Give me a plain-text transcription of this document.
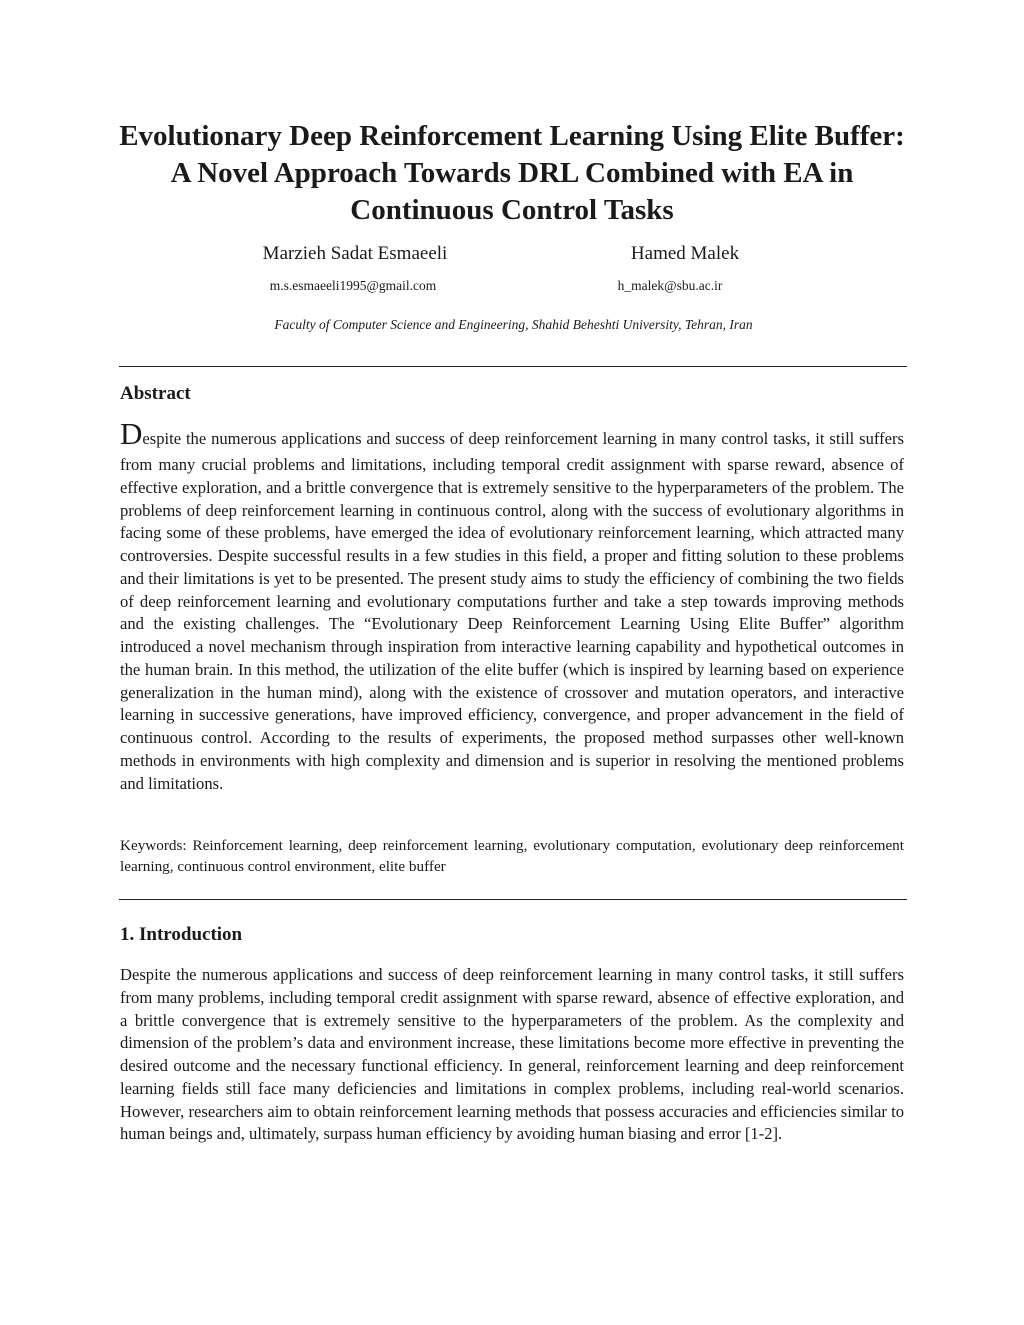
Evolutionary Deep Reinforcement Learning Using Elite Buffer:
A Novel Approach Towards DRL Combined with EA in
Continuous Control Tasks
Marzieh Sadat Esmaeeli	Hamed Malek
m.s.esmaeeli1995@gmail.com	h_malek@sbu.ac.ir
Faculty of Computer Science and Engineering, Shahid Beheshti University, Tehran, Iran
Abstract

Despite the numerous applications and success of deep reinforcement learning in many control tasks, it still suffers from many crucial problems and limitations, including temporal credit assignment with sparse reward, absence of effective exploration, and a brittle convergence that is extremely sensitive to the hyperparameters of the problem. The problems of deep reinforcement learning in continuous control, along with the success of evolutionary algorithms in facing some of these problems, have emerged the idea of evolutionary reinforcement learning, which attracted many controversies. Despite successful results in a few studies in this field, a proper and fitting solution to these problems and their limitations is yet to be presented. The present study aims to study the efficiency of combining the two fields of deep reinforcement learning and evolutionary computations further and take a step towards improving methods and the existing challenges. The “Evolutionary Deep Reinforcement Learning Using Elite Buffer” algorithm introduced a novel mechanism through inspiration from interactive learning capability and hypothetical outcomes in the human brain. In this method, the utilization of the elite buffer (which is inspired by learning based on experience generalization in the human mind), along with the existence of crossover and mutation operators, and interactive learning in successive generations, have improved efficiency, convergence, and proper advancement in the field of continuous control. According to the results of experiments, the proposed method surpasses other well-known methods in environments with high complexity and dimension and is superior in resolving the mentioned problems and limitations.

Keywords: Reinforcement learning, deep reinforcement learning, evolutionary computation, evolutionary deep reinforcement learning, continuous control environment, elite buffer

1. Introduction

Despite the numerous applications and success of deep reinforcement learning in many control tasks, it still suffers from many problems, including temporal credit assignment with sparse reward, absence of effective exploration, and a brittle convergence that is extremely sensitive to the hyperparameters of the problem. As the complexity and dimension of the problem’s data and environment increase, these limitations become more effective in preventing the desired outcome and the necessary functional efficiency. In general, reinforcement learning and deep reinforcement learning fields still face many deficiencies and limitations in complex problems, including real-world scenarios. However, researchers aim to obtain reinforcement learning methods that possess accuracies and efficiencies similar to human beings and, ultimately, surpass human efficiency by avoiding human biasing and error [1-2].
